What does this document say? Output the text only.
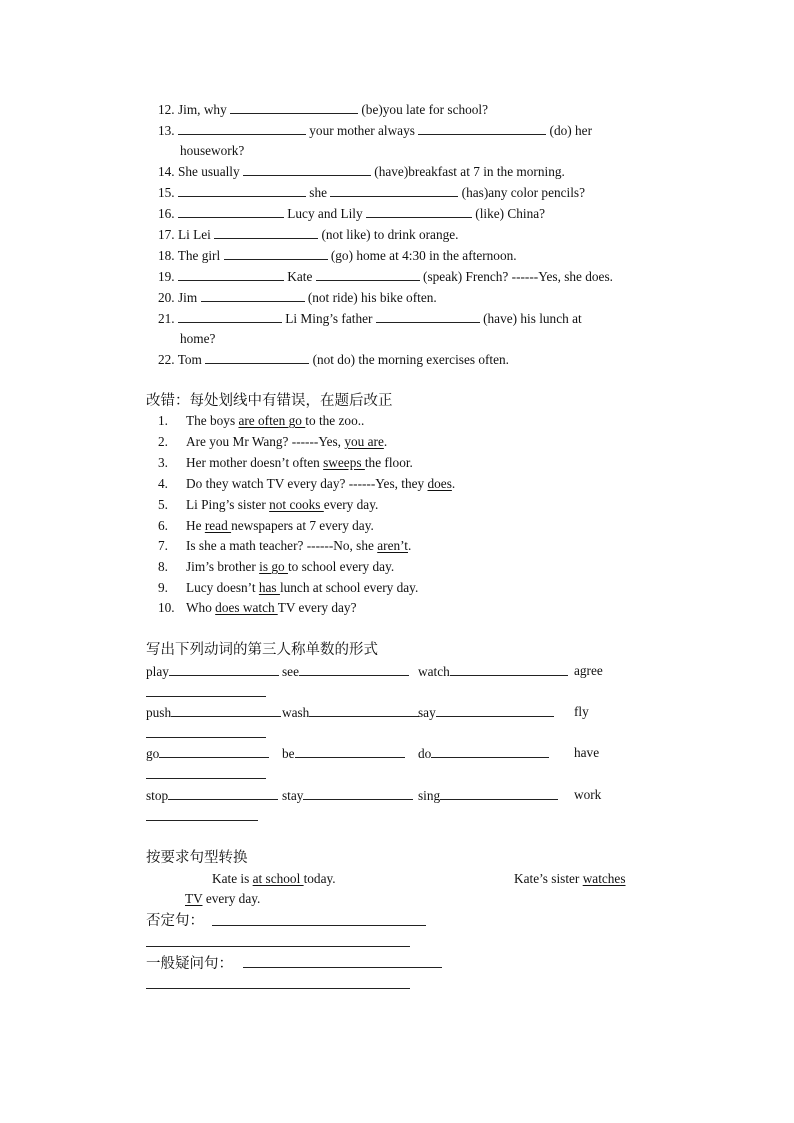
12. Jim, why	(be)you late for school?
13.	your mother always	(do) her
housework?
14. She usually	(have)breakfast at 7 in the morning.
15.	she	(has)any color pencils?
16.	Lucy and Lily	(like) China?
17. Li Lei	(not like) to drink orange.
18. The girl	(go) home at 4:30 in the afternoon.
19.	Kate	(speak) French? ------Yes, she does.
20. Jim	(not ride) his bike often.
21.	Li Ming’s father	(have) his lunch at
home?
22. Tom	(not do) the morning exercises often.
改错：每处划线中有错误，在题后改正
1. The boys are often go to the zoo..
2. Are you Mr Wang? ------Yes, you are.
3. Her mother doesn’t often sweeps the floor.
4. Do they watch TV every day? ------Yes, they does.
5. Li Ping’s sister not cooks every day.
6. He read newspapers at 7 every day.
7. Is she a math teacher? ------No, she aren’t.
8. Jim’s brother is go to school every day.
9. Lucy doesn’t has lunch at school every day.
10. Who does watch TV every day?
写出下列动词的第三人称单数的形式
play	see	watch	agree
push	wash	say	fly
go	be	do	have
stop	stay	sing	work
按要求句型转换
Kate is at school today.	Kate’s sister watches
TV every day.
否定句：
一般疑问句：
